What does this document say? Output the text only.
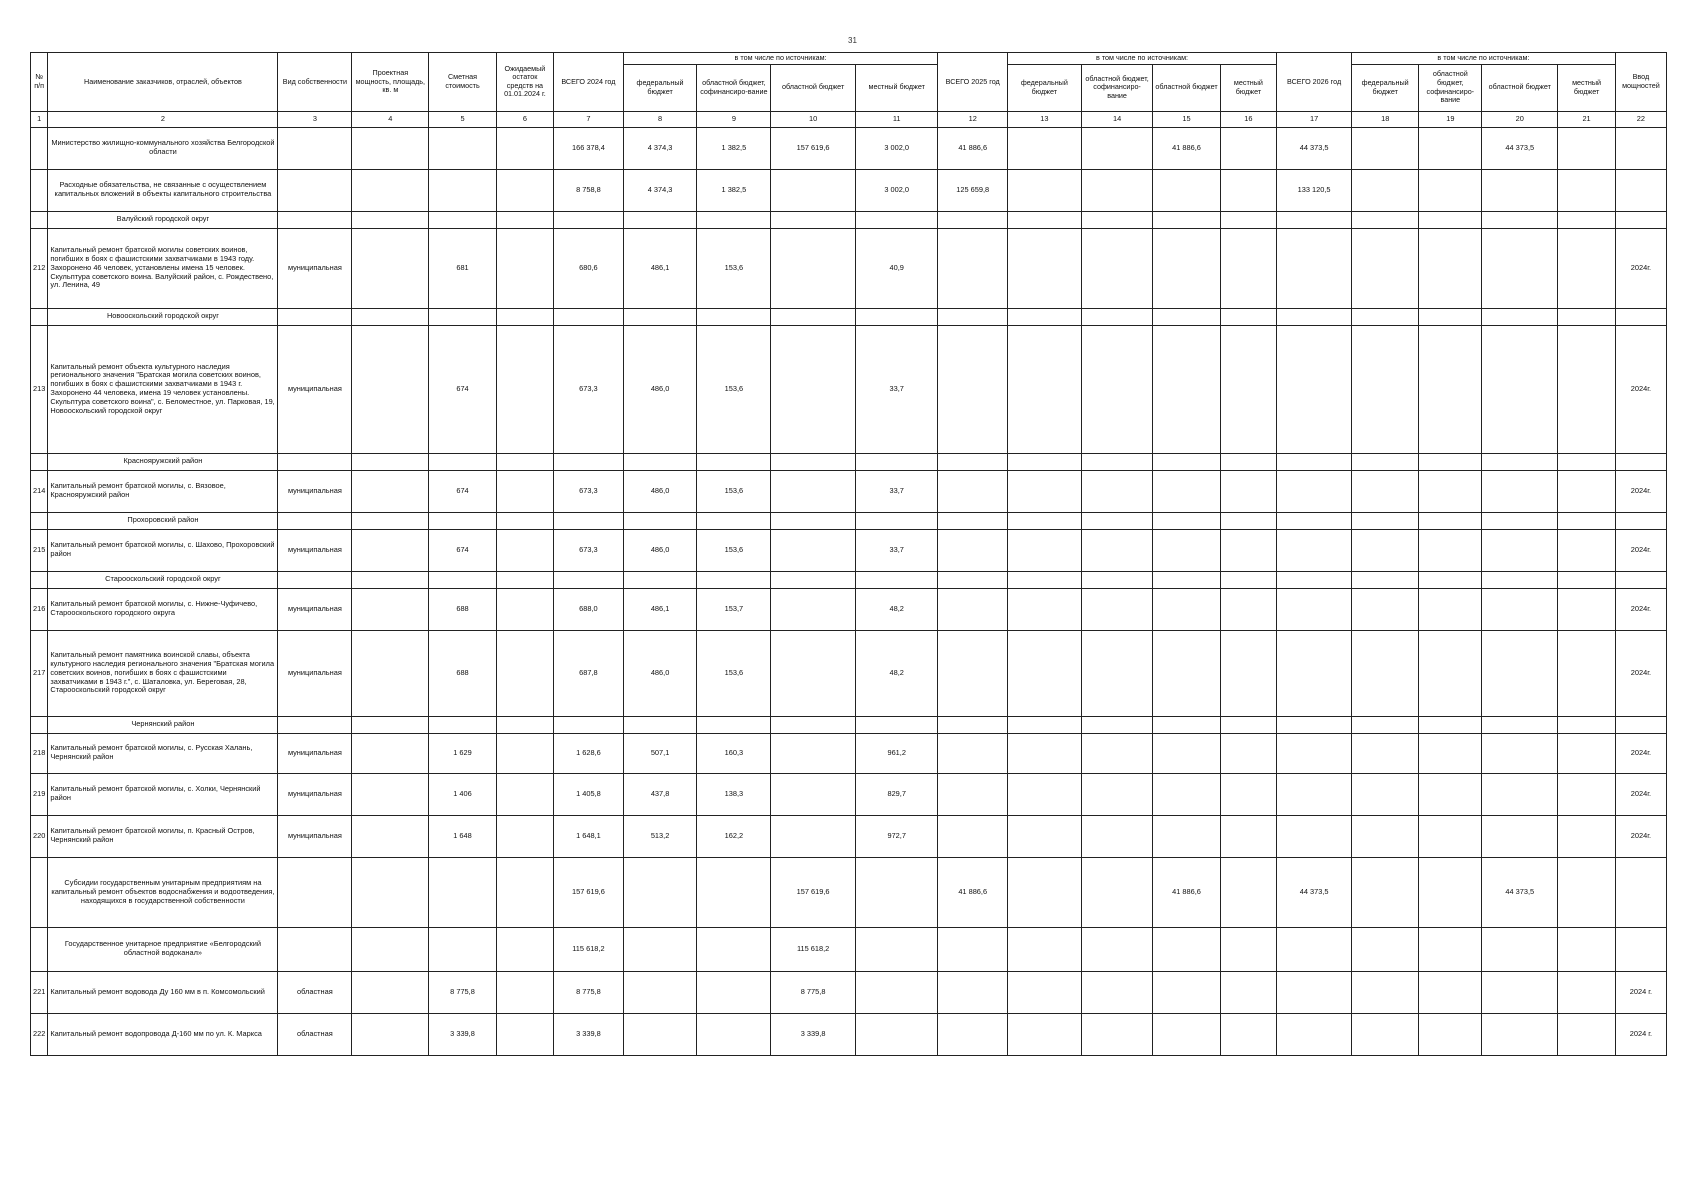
31
№ п/п	Наименование заказчиков, отраслей, объектов	Вид собственности	Проектная мощность, площадь, кв. м	Сметная стоимость	Ожидаемый остаток средств на 01.01.2024 г.	ВСЕГО 2024 год	в том числе по источникам:				ВСЕГО 2025 год	в том числе по источникам:				ВСЕГО 2026 год	в том числе по источникам:				Ввод мощностей
							федеральный бюджет	областной бюджет, софинансиро-вание	областной бюджет	местный бюджет		федеральный бюджет	областной бюджет, софинансиро-вание	областной бюджет	местный бюджет		федеральный бюджет	областной бюджет, софинансиро-вание	областной бюджет	местный бюджет	
1	2	3	4	5	6	7	8	9	10	11	12	13	14	15	16	17	18	19	20	21	22
	Министерство жилищно-коммунального хозяйства Белгородской области					166 378,4	4 374,3	1 382,5	157 619,6	3 002,0	41 886,6			41 886,6		44 373,5			44 373,5		
	Расходные обязательства, не связанные с осуществлением капитальных вложений в объекты капитального строительства					8 758,8	4 374,3	1 382,5		3 002,0	125 659,8					133 120,5					
	Валуйский городской округ																				
212	Капитальный ремонт братской могилы советских воинов, погибших в боях с фашистскими захватчиками в 1943 году. Захоронено 46 человек, установлены имена 15 человек. Скульптура советского воина. Валуйский район, с. Рождествено, ул. Ленина, 49	муниципальная		681		680,6	486,1	153,6		40,9											2024г.
	Новооскольский городской округ																				
213	Капитальный ремонт объекта культурного наследия регионального значения "Братская могила советских воинов, погибших в боях с фашистскими захватчиками в 1943 г. Захоронено 44 человека, имена 19 человек установлены. Скульптура советского воина", с. Беломестное, ул. Парковая, 19, Новооскольский городской округ	муниципальная		674		673,3	486,0	153,6		33,7											2024г.
	Краснояружский район																				
214	Капитальный ремонт братской могилы, с. Вязовое, Краснояружский район	муниципальная		674		673,3	486,0	153,6		33,7											2024г.
	Прохоровский район																				
215	Капитальный ремонт братской могилы, с. Шахово, Прохоровский район	муниципальная		674		673,3	486,0	153,6		33,7											2024г.
	Старооскольский городской округ																				
216	Капитальный ремонт братской могилы, с. Нижне-Чуфичево, Старооскольского городского округа	муниципальная		688		688,0	486,1	153,7		48,2											2024г.
217	Капитальный ремонт памятника воинской славы, объекта культурного наследия регионального значения "Братская могила советских воинов, погибших в боях с фашистскими захватчиками в 1943 г.", с. Шаталовка, ул. Береговая, 28, Старооскольский городской округ	муниципальная		688		687,8	486,0	153,6		48,2											2024г.
	Чернянский район																				
218	Капитальный ремонт братской могилы, с. Русская Халань, Чернянский район	муниципальная		1 629		1 628,6	507,1	160,3		961,2											2024г.
219	Капитальный ремонт братской могилы, с. Холки, Чернянский район	муниципальная		1 406		1 405,8	437,8	138,3		829,7											2024г.
220	Капитальный ремонт братской могилы, п. Красный Остров, Чернянский район	муниципальная		1 648		1 648,1	513,2	162,2		972,7											2024г.
	Субсидии государственным унитарным предприятиям на капитальный ремонт объектов водоснабжения и водоотведения, находящихся в государственной собственности					157 619,6			157 619,6		41 886,6			41 886,6		44 373,5			44 373,5		
	Государственное унитарное предприятие «Белгородский областной водоканал»					115 618,2			115 618,2												
221	Капитальный ремонт водовода Ду 160 мм в п. Комсомольский	областная		8 775,8		8 775,8			8 775,8												2024 г.
222	Капитальный ремонт водопровода Д-160 мм по ул. К. Маркса	областная		3 339,8		3 339,8			3 339,8												2024 г.
